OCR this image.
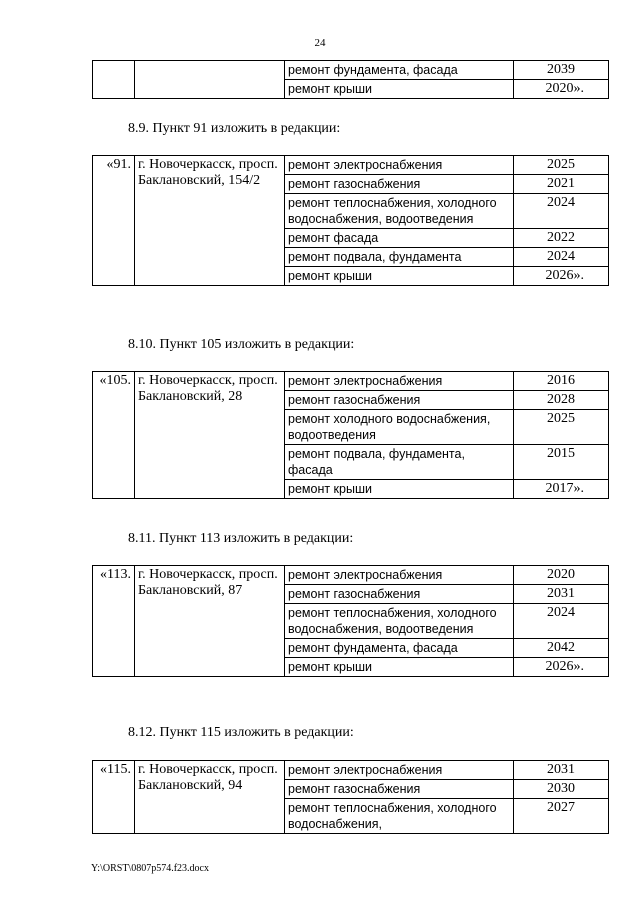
24
		ремонт фундамента, фасада	2039
		ремонт крыши	2020».
8.9. Пункт 91 изложить в редакции:
«91.	г. Новочеркасск, просп. Баклановский, 154/2	ремонт электроснабжения	2025
		ремонт газоснабжения	2021
		ремонт теплоснабжения, холодного водоснабжения, водоотведения	2024
		ремонт фасада	2022
		ремонт подвала, фундамента	2024
		ремонт крыши	2026».
8.10. Пункт 105 изложить в редакции:
«105.	г. Новочеркасск, просп. Баклановский, 28	ремонт электроснабжения	2016
		ремонт газоснабжения	2028
		ремонт холодного водоснабжения, водоотведения	2025
		ремонт подвала, фундамента, фасада	2015
		ремонт крыши	2017».
8.11. Пункт 113 изложить в редакции:
«113.	г. Новочеркасск, просп. Баклановский, 87	ремонт электроснабжения	2020
		ремонт газоснабжения	2031
		ремонт теплоснабжения, холодного водоснабжения, водоотведения	2024
		ремонт фундамента, фасада	2042
		ремонт крыши	2026».
8.12. Пункт 115 изложить в редакции:
«115.	г. Новочеркасск, просп. Баклановский, 94	ремонт электроснабжения	2031
		ремонт газоснабжения	2030
		ремонт теплоснабжения, холодного водоснабжения,	2027
Y:\ORST\0807p574.f23.docx
